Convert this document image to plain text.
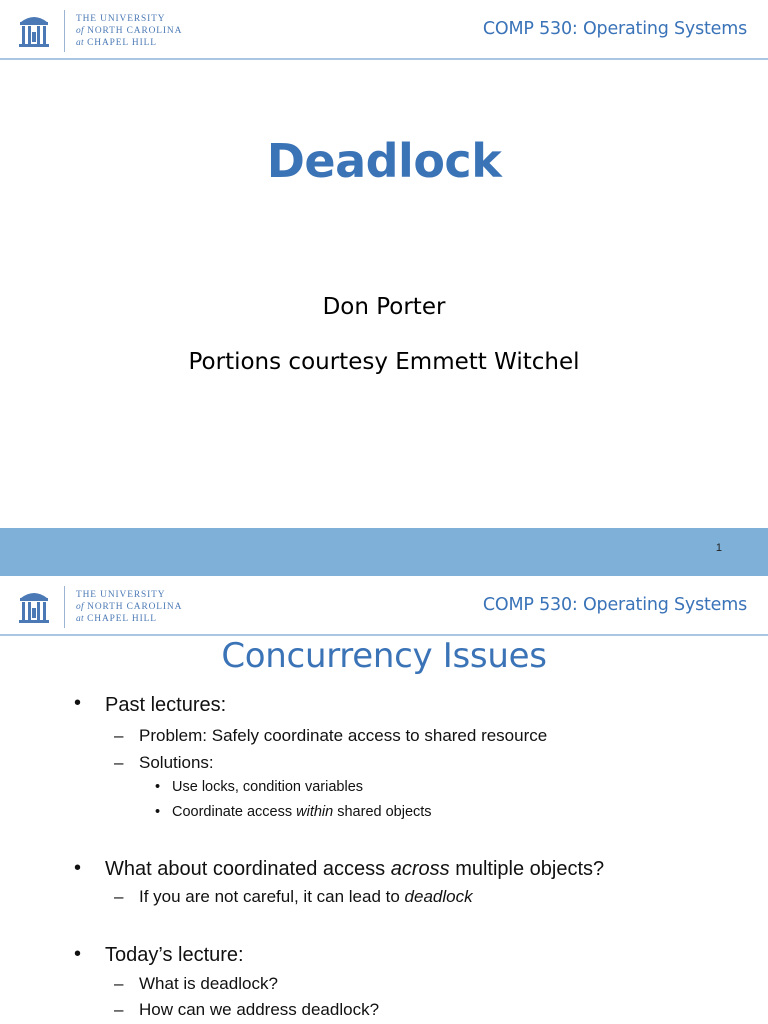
THE UNIVERSITY
of NORTH CAROLINA
at CHAPEL HILL
COMP 530: Operating Systems
Deadlock
Don Porter
Portions courtesy Emmett Witchel
1
THE UNIVERSITY
of NORTH CAROLINA
at CHAPEL HILL
COMP 530: Operating Systems
Concurrency Issues
• Past lectures:
– Problem: Safely coordinate access to shared resource
– Solutions:
• Use locks, condition variables
• Coordinate access within shared objects
• What about coordinated access across multiple objects?
– If you are not careful, it can lead to deadlock
• Today’s lecture:
– What is deadlock?
– How can we address deadlock?
